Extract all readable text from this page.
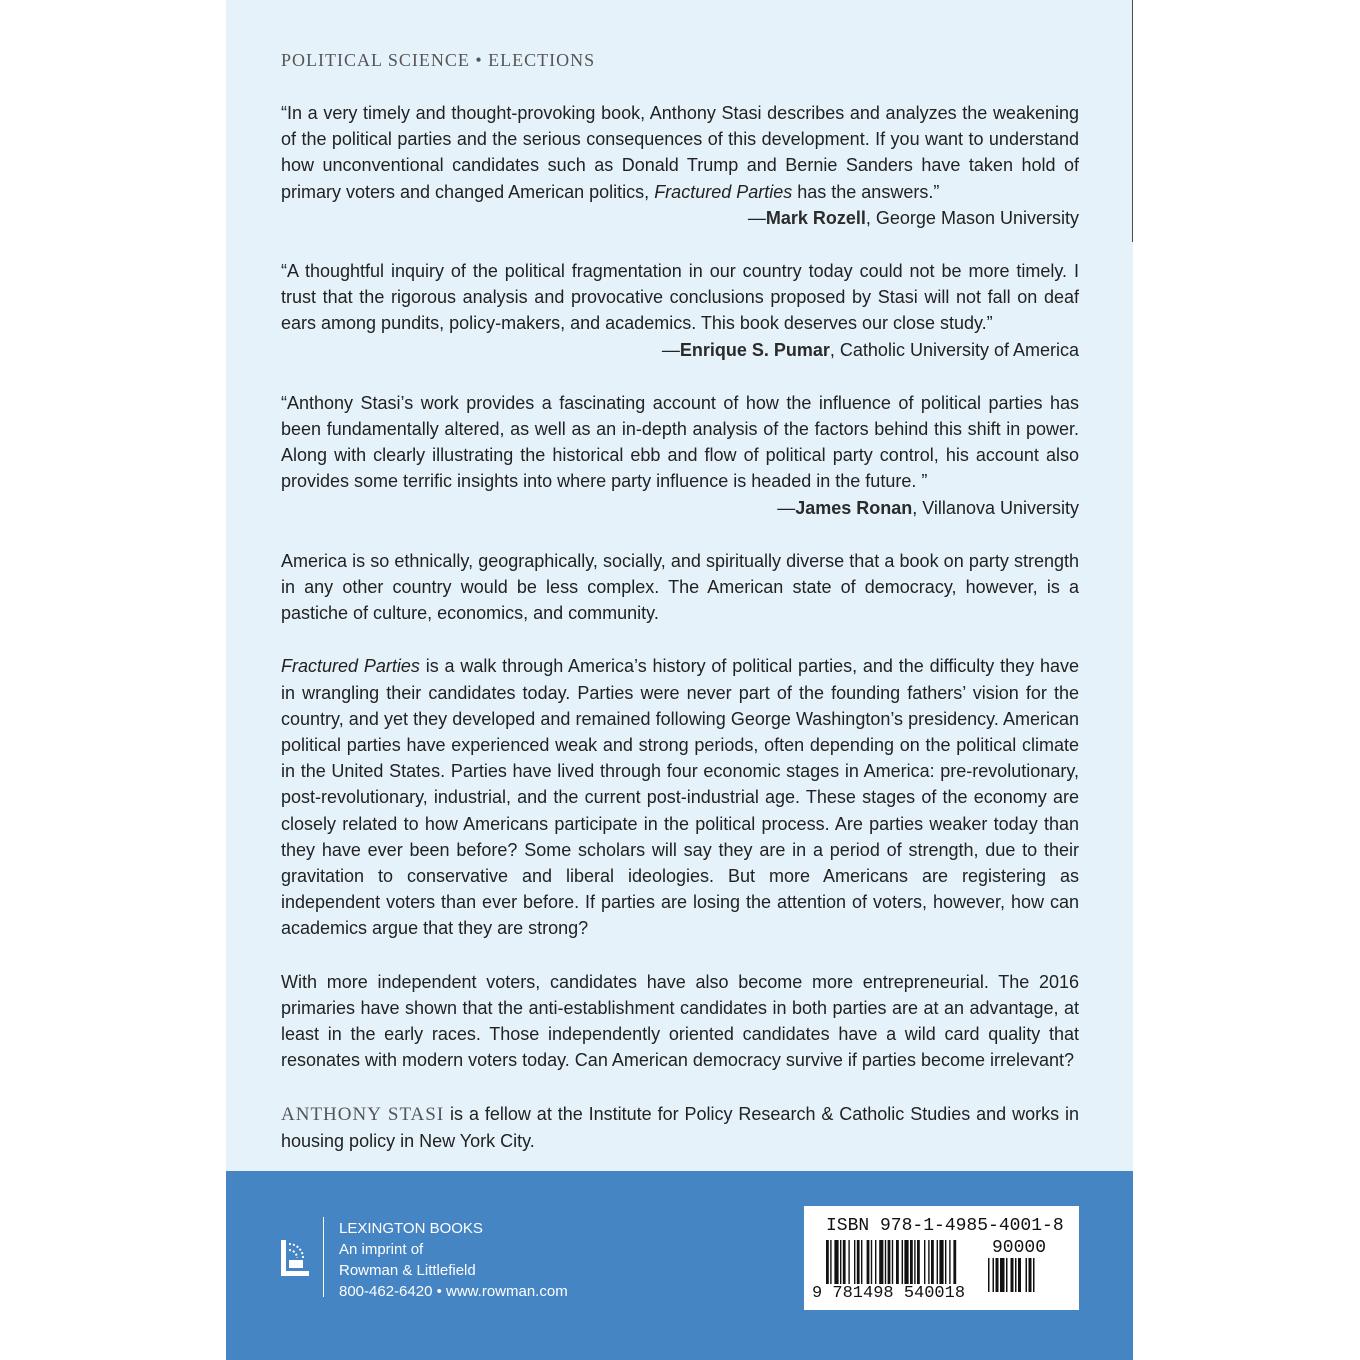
POLITICAL SCIENCE • ELECTIONS

“In a very timely and thought-provoking book, Anthony Stasi describes and analyzes the weakening of the political parties and the serious consequences of this development. If you want to understand how unconventional candidates such as Donald Trump and Bernie Sanders have taken hold of primary voters and changed American politics, Fractured Parties has the answers.”

—Mark Rozell, George Mason University

“A thoughtful inquiry of the political fragmentation in our country today could not be more timely. I trust that the rigorous analysis and provocative conclusions proposed by Stasi will not fall on deaf ears among pundits, policy-makers, and academics. This book deserves our close study.”

—Enrique S. Pumar, Catholic University of America

“Anthony Stasi’s work provides a fascinating account of how the influence of political parties has been fundamentally altered, as well as an in-depth analysis of the factors behind this shift in power. Along with clearly illustrating the historical ebb and flow of political party control, his account also provides some terrific insights into where party influence is headed in the future. ”

—James Ronan, Villanova University

America is so ethnically, geographically, socially, and spiritually diverse that a book on party strength in any other country would be less complex. The American state of democracy, however, is a pastiche of culture, economics, and community.

Fractured Parties is a walk through America’s history of political parties, and the difficulty they have in wrangling their candidates today. Parties were never part of the founding fathers’ vision for the country, and yet they developed and remained following George Washington’s presidency. American political parties have experienced weak and strong periods, often depending on the political climate in the United States. Parties have lived through four economic stages in America: pre-revolutionary, post-revolutionary, industrial, and the current post-industrial age. These stages of the economy are closely related to how Americans participate in the political process. Are parties weaker today than they have ever been before? Some scholars will say they are in a period of strength, due to their gravitation to conservative and liberal ideologies. But more Americans are registering as independent voters than ever before. If parties are losing the attention of voters, however, how can academics argue that they are strong?

With more independent voters, candidates have also become more entrepreneurial. The 2016 primaries have shown that the anti-establishment candidates in both parties are at an advantage, at least in the early races. Those independently oriented candidates have a wild card quality that resonates with modern voters today. Can American democracy survive if parties become irrelevant?

ANTHONY STASI is a fellow at the Institute for Policy Research & Catholic Studies and works in housing policy in New York City.

LEXINGTON BOOKS
An imprint of
Rowman & Littlefield
800-462-6420 • www.rowman.com
ISBN 978-1-4985-4001-8
90000
9 781498 540018
